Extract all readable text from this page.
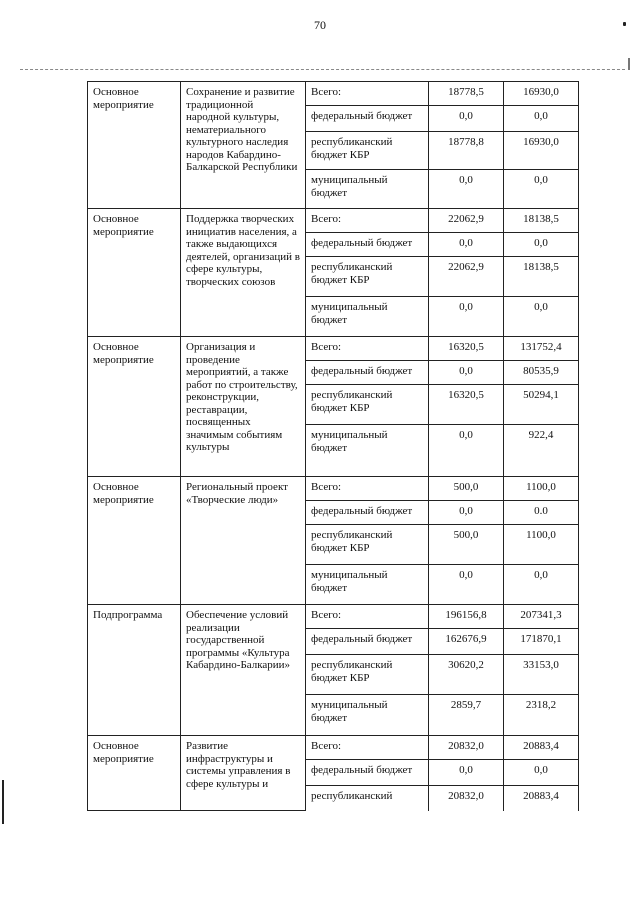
70
Основное мероприятие	Сохранение и развитие традиционной народной культуры, нематериального культурного наследия народов Кабардино-Балкарской Республики	Всего:	18778,5	16930,0
		федеральный бюджет	0,0	0,0
		республиканский бюджет КБР	18778,8	16930,0
		муниципальный бюджет	0,0	0,0
Основное мероприятие	Поддержка творческих инициатив населения, а также выдающихся деятелей, организаций в сфере культуры, творческих союзов	Всего:	22062,9	18138,5
		федеральный бюджет	0,0	0,0
		республиканский бюджет КБР	22062,9	18138,5
		муниципальный бюджет	0,0	0,0
Основное мероприятие	Организация и проведение мероприятий, а также работ по строительству, реконструкции, реставрации, посвященных значимым событиям культуры	Всего:	16320,5	131752,4
		федеральный бюджет	0,0	80535,9
		республиканский бюджет КБР	16320,5	50294,1
		муниципальный бюджет	0,0	922,4
Основное мероприятие	Региональный проект «Творческие люди»	Всего:	500,0	1100,0
		федеральный бюджет	0,0	0.0
		республиканский бюджет КБР	500,0	1100,0
		муниципальный бюджет	0,0	0,0
Подпрограмма	Обеспечение условий реализации государственной программы «Культура Кабардино-Балкарии»	Всего:	196156,8	207341,3
		федеральный бюджет	162676,9	171870,1
		республиканский бюджет КБР	30620,2	33153,0
		муниципальный бюджет	2859,7	2318,2
Основное мероприятие	Развитие инфраструктуры и системы управления в сфере культуры и	Всего:	20832,0	20883,4
		федеральный бюджет	0,0	0,0
		республиканский	20832,0	20883,4
